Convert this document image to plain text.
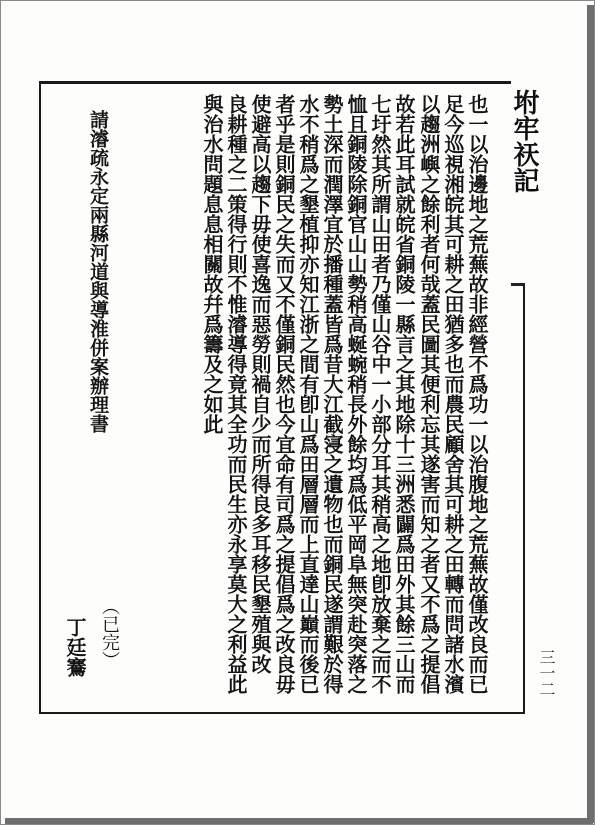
坿牢祆記
也一以治邊地之荒蕪故非經營不爲功一以治腹地之荒蕪故僅改良而已
足今巡視湘皖其可耕之田猶多也而農民顧舍其可耕之田轉而問諸水濱
以趨洲嶼之餘利者何哉蓋民圖其便利忘其遂害而知之者又不爲之提倡
故若此耳試就皖省銅陵一縣言之其地除十三洲悉闢爲田外其餘三山而
七圩然其所謂山田者乃僅山谷中一小部分耳其稍高之地卽放棄之而不
恤且銅陵除銅官山山勢稍高蜒蜿稍長外餘均爲低平岡阜無突赴突落之
勢土深而潤澤宜於播種蓋皆爲昔大江截寖之遺物也而銅民遂謂艱於得
水不稍爲之墾植抑亦知江浙之間有卽山爲田層層而上直達山巔而後已
者乎是則銅民之失而又不僅銅民然也今宜命有司爲之提倡爲之改良毋
使避高以趨下毋使喜逸而惡勞則禍自少而所得良多耳移民墾殖與改
良耕種之二策得行則不惟濬導得竟其全功而民生亦永享莫大之利益此
與治水問題息息相關故幷爲籌及之如此
請濬疏永定兩縣河道與導淮併案辦理書
（已完）
丁廷鶱	三一二
